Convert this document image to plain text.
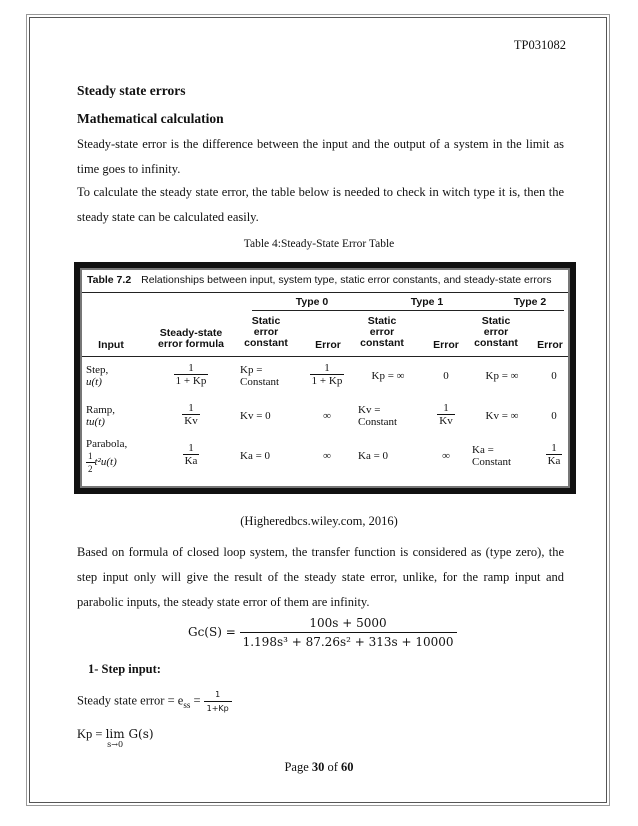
TP031082
Steady state errors
Mathematical calculation
Steady-state error is the difference between the input and the output of a system in the limit as time goes to infinity.
To calculate the steady state error, the table below is needed to check in witch type it is, then the steady state can be calculated easily.
Table 4:Steady-State Error Table
Table 7.2 Relationships between input, system type, static error constants, and steady-state errors
Type 0	Type 1	Type 2
Input
Steady-state error formula
Static error constant	Error
Static error constant	Error
Static error constant	Error
Step,
u(t)	$\frac{1}{1 + Kp}$	Kp = Constant	$\frac{1}{1 + Kp}$	Kp = ∞	0	Kp = ∞	0
Ramp,
tu(t)	$\frac{1}{Kv}$	Kv = 0	∞	Kv = Constant	$\frac{1}{Kv}$	Kv = ∞	0
Parabola,

$\frac{1}{2} t^2u(t)$	$\frac{1}{Ka}$	Ka = 0	∞	Ka = 0	∞	Ka = Constant	$\frac{1}{Ka}$
(Higheredbcs.wiley.com, 2016)
Based on formula of closed loop system, the transfer function is considered as (type zero), the step input only will give the result of the steady state error, unlike, for the ramp input and parabolic inputs, the steady state error of them are infinity.
$Gc(S) = \frac{100s + 5000}{\text{1.198s³ + 87.26s² + 313s + 10000}}$
1- Step input:
Steady state error = $e_{ss} = \frac{1}{1+Kp}$
Kp = lim
s→0
G(s)
Page 30 of 60
